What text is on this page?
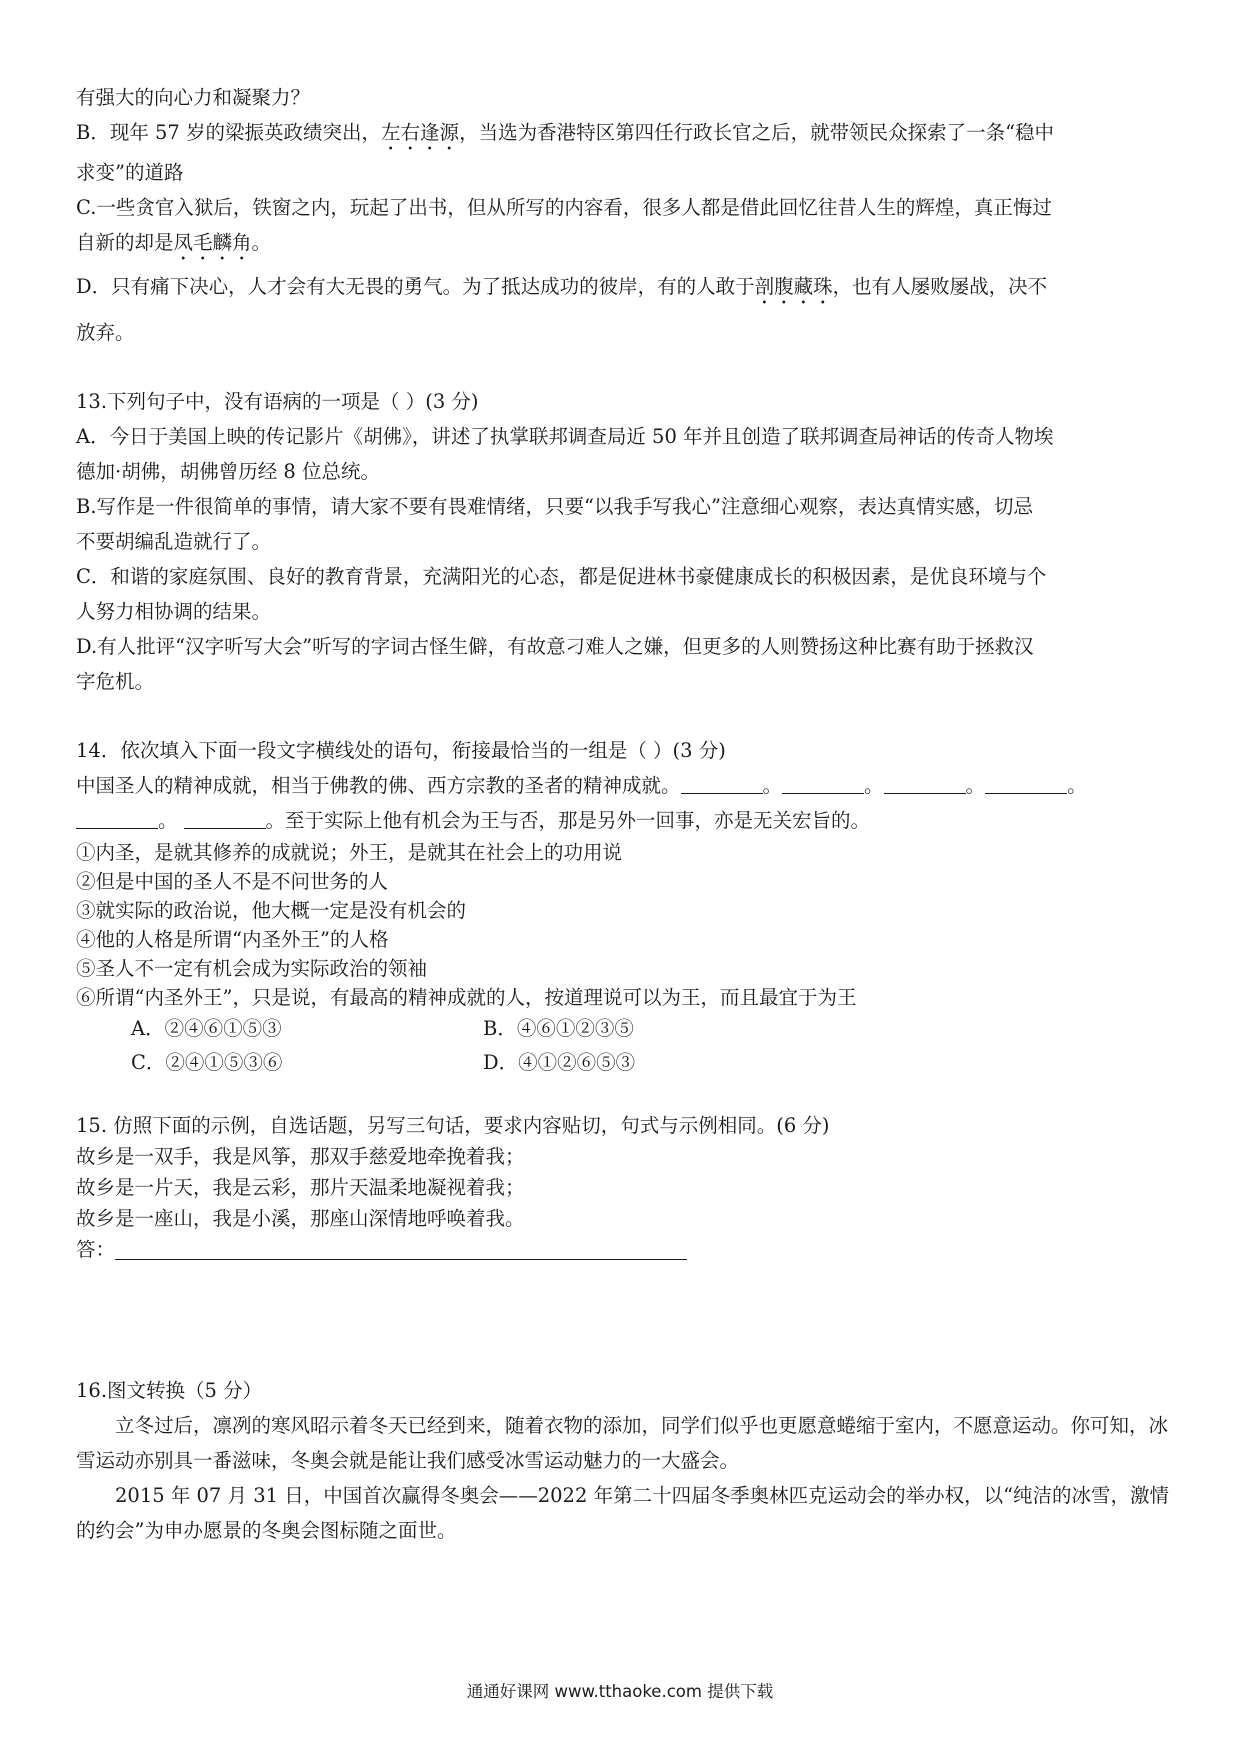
有强大的向心力和凝聚力？

B．现年 57 岁的梁振英政绩突出，左右逢源，当选为香港特区第四任行政长官之后，就带领民众探索了一条“稳中

求变”的道路

C.一些贪官入狱后，铁窗之内，玩起了出书，但从所写的内容看，很多人都是借此回忆往昔人生的辉煌，真正悔过

自新的却是凤毛麟角。

D．只有痛下决心，人才会有大无畏的勇气。为了抵达成功的彼岸，有的人敢于剖腹藏珠，也有人屡败屡战，决不

放弃。

13.下列句子中，没有语病的一项是（ ）(3 分)

A．今日于美国上映的传记影片《胡佛》，讲述了执掌联邦调查局近 50 年并且创造了联邦调查局神话的传奇人物埃

德加·胡佛，胡佛曾历经 8 位总统。

B.写作是一件很简单的事情，请大家不要有畏难情绪，只要“以我手写我心”注意细心观察，表达真情实感，切忌

不要胡编乱造就行了。

C．和谐的家庭氛围、良好的教育背景，充满阳光的心态，都是促进林书豪健康成长的积极因素，是优良环境与个

人努力相协调的结果。

D.有人批评“汉字听写大会”听写的字词古怪生僻，有故意刁难人之嫌，但更多的人则赞扬这种比赛有助于拯救汉

字危机。

14．依次填入下面一段文字横线处的语句，衔接最恰当的一组是（ ）(3 分)

中国圣人的精神成就，相当于佛教的佛、西方宗教的圣者的精神成就。	。	。	。	。

。	。至于实际上他有机会为王与否，那是另外一回事，亦是无关宏旨的。

①内圣，是就其修养的成就说；外王，是就其在社会上的功用说

②但是中国的圣人不是不问世务的人

③就实际的政治说，他大概一定是没有机会的

④他的人格是所谓“内圣外王”的人格

⑤圣人不一定有机会成为实际政治的领袖

⑥所谓“内圣外王”，只是说，有最高的精神成就的人，按道理说可以为王，而且最宜于为王

A．②④⑥①⑤③	B．④⑥①②③⑤
C．②④①⑤③⑥	D．④①②⑥⑤③

15. 仿照下面的示例，自选话题，另写三句话，要求内容贴切，句式与示例相同。(6 分)

故乡是一双手，我是风筝，那双手慈爱地牵挽着我；

故乡是一片天，我是云彩，那片天温柔地凝视着我；

故乡是一座山，我是小溪，那座山深情地呼唤着我。

答：

16.图文转换（5 分）

立冬过后，凛冽的寒风昭示着冬天已经到来，随着衣物的添加，同学们似乎也更愿意蜷缩于室内，不愿意运动。你可知，冰雪运动亦别具一番滋味，冬奥会就是能让我们感受冰雪运动魅力的一大盛会。

2015 年 07 月 31 日，中国首次赢得冬奥会——2022 年第二十四届冬季奥林匹克运动会的举办权，以“纯洁的冰雪，激情的约会”为申办愿景的冬奥会图标随之面世。

通通好课网 www.tthaoke.com 提供下载
